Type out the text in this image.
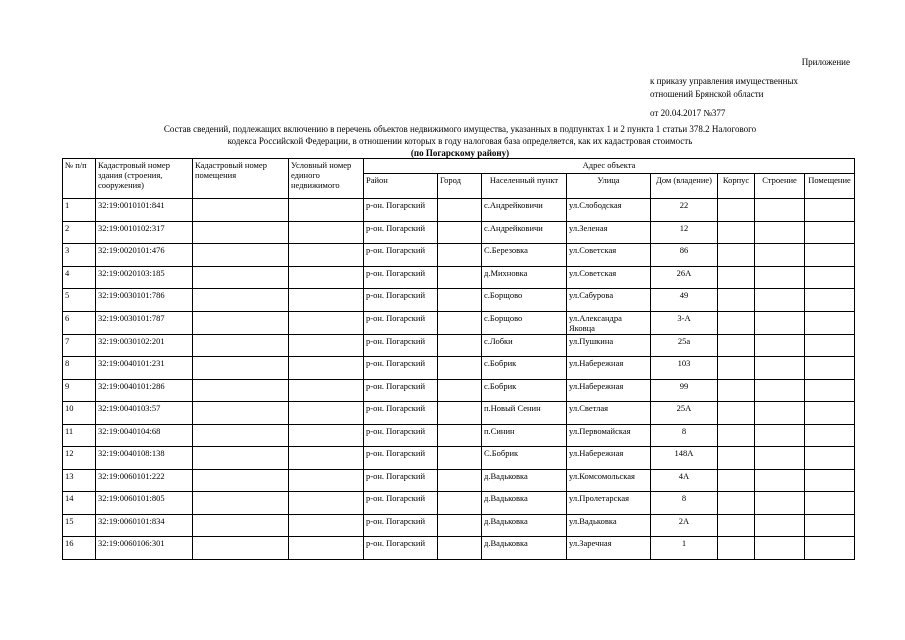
Приложение
к приказу управления имущественных
отношений Брянской области
от 20.04.2017 №377
Состав сведений, подлежащих включению в перечень объектов недвижимого имущества, указанных в подпунктах 1 и 2 пункта 1 статьи 378.2 Налогового
кодекса Российской Федерации, в отношении которых в году налоговая база определяется, как их кадастровая стоимость
(по Погарскому району)
№ п/п	Кадастровый номер здания (строения, сооружения)	Кадастровый номер помещения	Условный номер единого недвижимого	Адрес объекта							
				Район	Город	Населенный пункт	Улица	Дом (владение)	Корпус	Строение	Помещение
1	32:19:0010101:841			р-он. Погарский		с.Андрейковичи	ул.Слободская	22			
2	32:19:0010102:317			р-он. Погарский		с.Андрейковичи	ул.Зеленая	12			
3	32:19:0020101:476			р-он. Погарский		С.Березовка	ул.Советская	86			
4	32:19:0020103:185			р-он. Погарский		д.Михновка	ул.Советская	26А			
5	32:19:0030101:786			р-он. Погарский		с.Борщово	ул.Сабурова	49			
6	32:19:0030101:787			р-он. Погарский		с.Борщово	ул.Александра Яковца	3-А			
7	32:19:0030102:201			р-он. Погарский		с.Лобки	ул.Пушкина	25а			
8	32:19:0040101:231			р-он. Погарский		с.Бобрик	ул.Набережная	103			
9	32:19:0040101:286			р-он. Погарский		с.Бобрик	ул.Набережная	99			
10	32:19:0040103:57			р-он. Погарский		п.Новый Сенин	ул.Светлая	25А			
11	32:19:0040104:68			р-он. Погарский		п.Синин	ул.Первомайская	8			
12	32:19:0040108:138			р-он. Погарский		С.Бобрик	ул.Набережная	148А			
13	32:19:0060101:222			р-он. Погарский		д.Вадьковка	ул.Комсомольская	4А			
14	32:19:0060101:805			р-он. Погарский		д.Вадьковка	ул.Пролетарская	8			
15	32:19:0060101:834			р-он. Погарский		д.Вадьковка	ул.Вадьковка	2А			
16	32:19:0060106:301			р-он. Погарский		д.Вадьковка	ул.Заречная	1			
